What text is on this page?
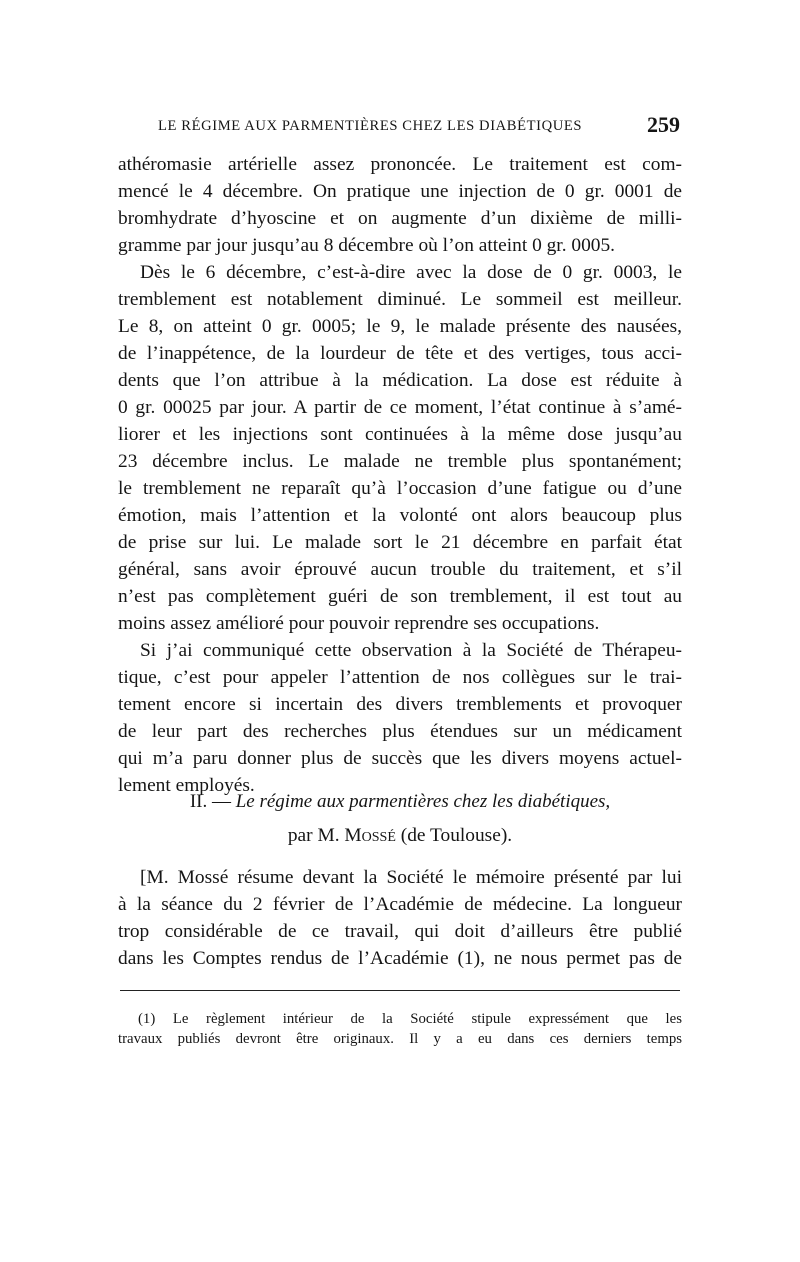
LE RÉGIME AUX PARMENTIÈRES CHEZ LES DIABÉTIQUES	259
athéromasie artérielle assez prononcée. Le traitement est com-
mencé le 4 décembre. On pratique une injection de 0 gr. 0001 de
bromhydrate d’hyoscine et on augmente d’un dixième de milli-
gramme par jour jusqu’au 8 décembre où l’on atteint 0 gr. 0005.
Dès le 6 décembre, c’est-à-dire avec la dose de 0 gr. 0003, le
tremblement est notablement diminué. Le sommeil est meilleur.
Le 8, on atteint 0 gr. 0005; le 9, le malade présente des nausées,
de l’inappétence, de la lourdeur de tête et des vertiges, tous acci-
dents que l’on attribue à la médication. La dose est réduite à
0 gr. 00025 par jour. A partir de ce moment, l’état continue à s’amé-
liorer et les injections sont continuées à la même dose jusqu’au
23 décembre inclus. Le malade ne tremble plus spontanément;
le tremblement ne reparaît qu’à l’occasion d’une fatigue ou d’une
émotion, mais l’attention et la volonté ont alors beaucoup plus
de prise sur lui. Le malade sort le 21 décembre en parfait état
général, sans avoir éprouvé aucun trouble du traitement, et s’il
n’est pas complètement guéri de son tremblement, il est tout au
moins assez amélioré pour pouvoir reprendre ses occupations.
Si j’ai communiqué cette observation à la Société de Thérapeu-
tique, c’est pour appeler l’attention de nos collègues sur le trai-
tement encore si incertain des divers tremblements et provoquer
de leur part des recherches plus étendues sur un médicament
qui m’a paru donner plus de succès que les divers moyens actuel-
lement employés.
II. — Le régime aux parmentières chez les diabétiques,
par M. Mossé (de Toulouse).
[M. Mossé résume devant la Société le mémoire présenté par lui
à la séance du 2 février de l’Académie de médecine. La longueur
trop considérable de ce travail, qui doit d’ailleurs être publié
dans les Comptes rendus de l’Académie (1), ne nous permet pas de
(1) Le règlement intérieur de la Société stipule expressément que les
travaux publiés devront être originaux. Il y a eu dans ces derniers temps
